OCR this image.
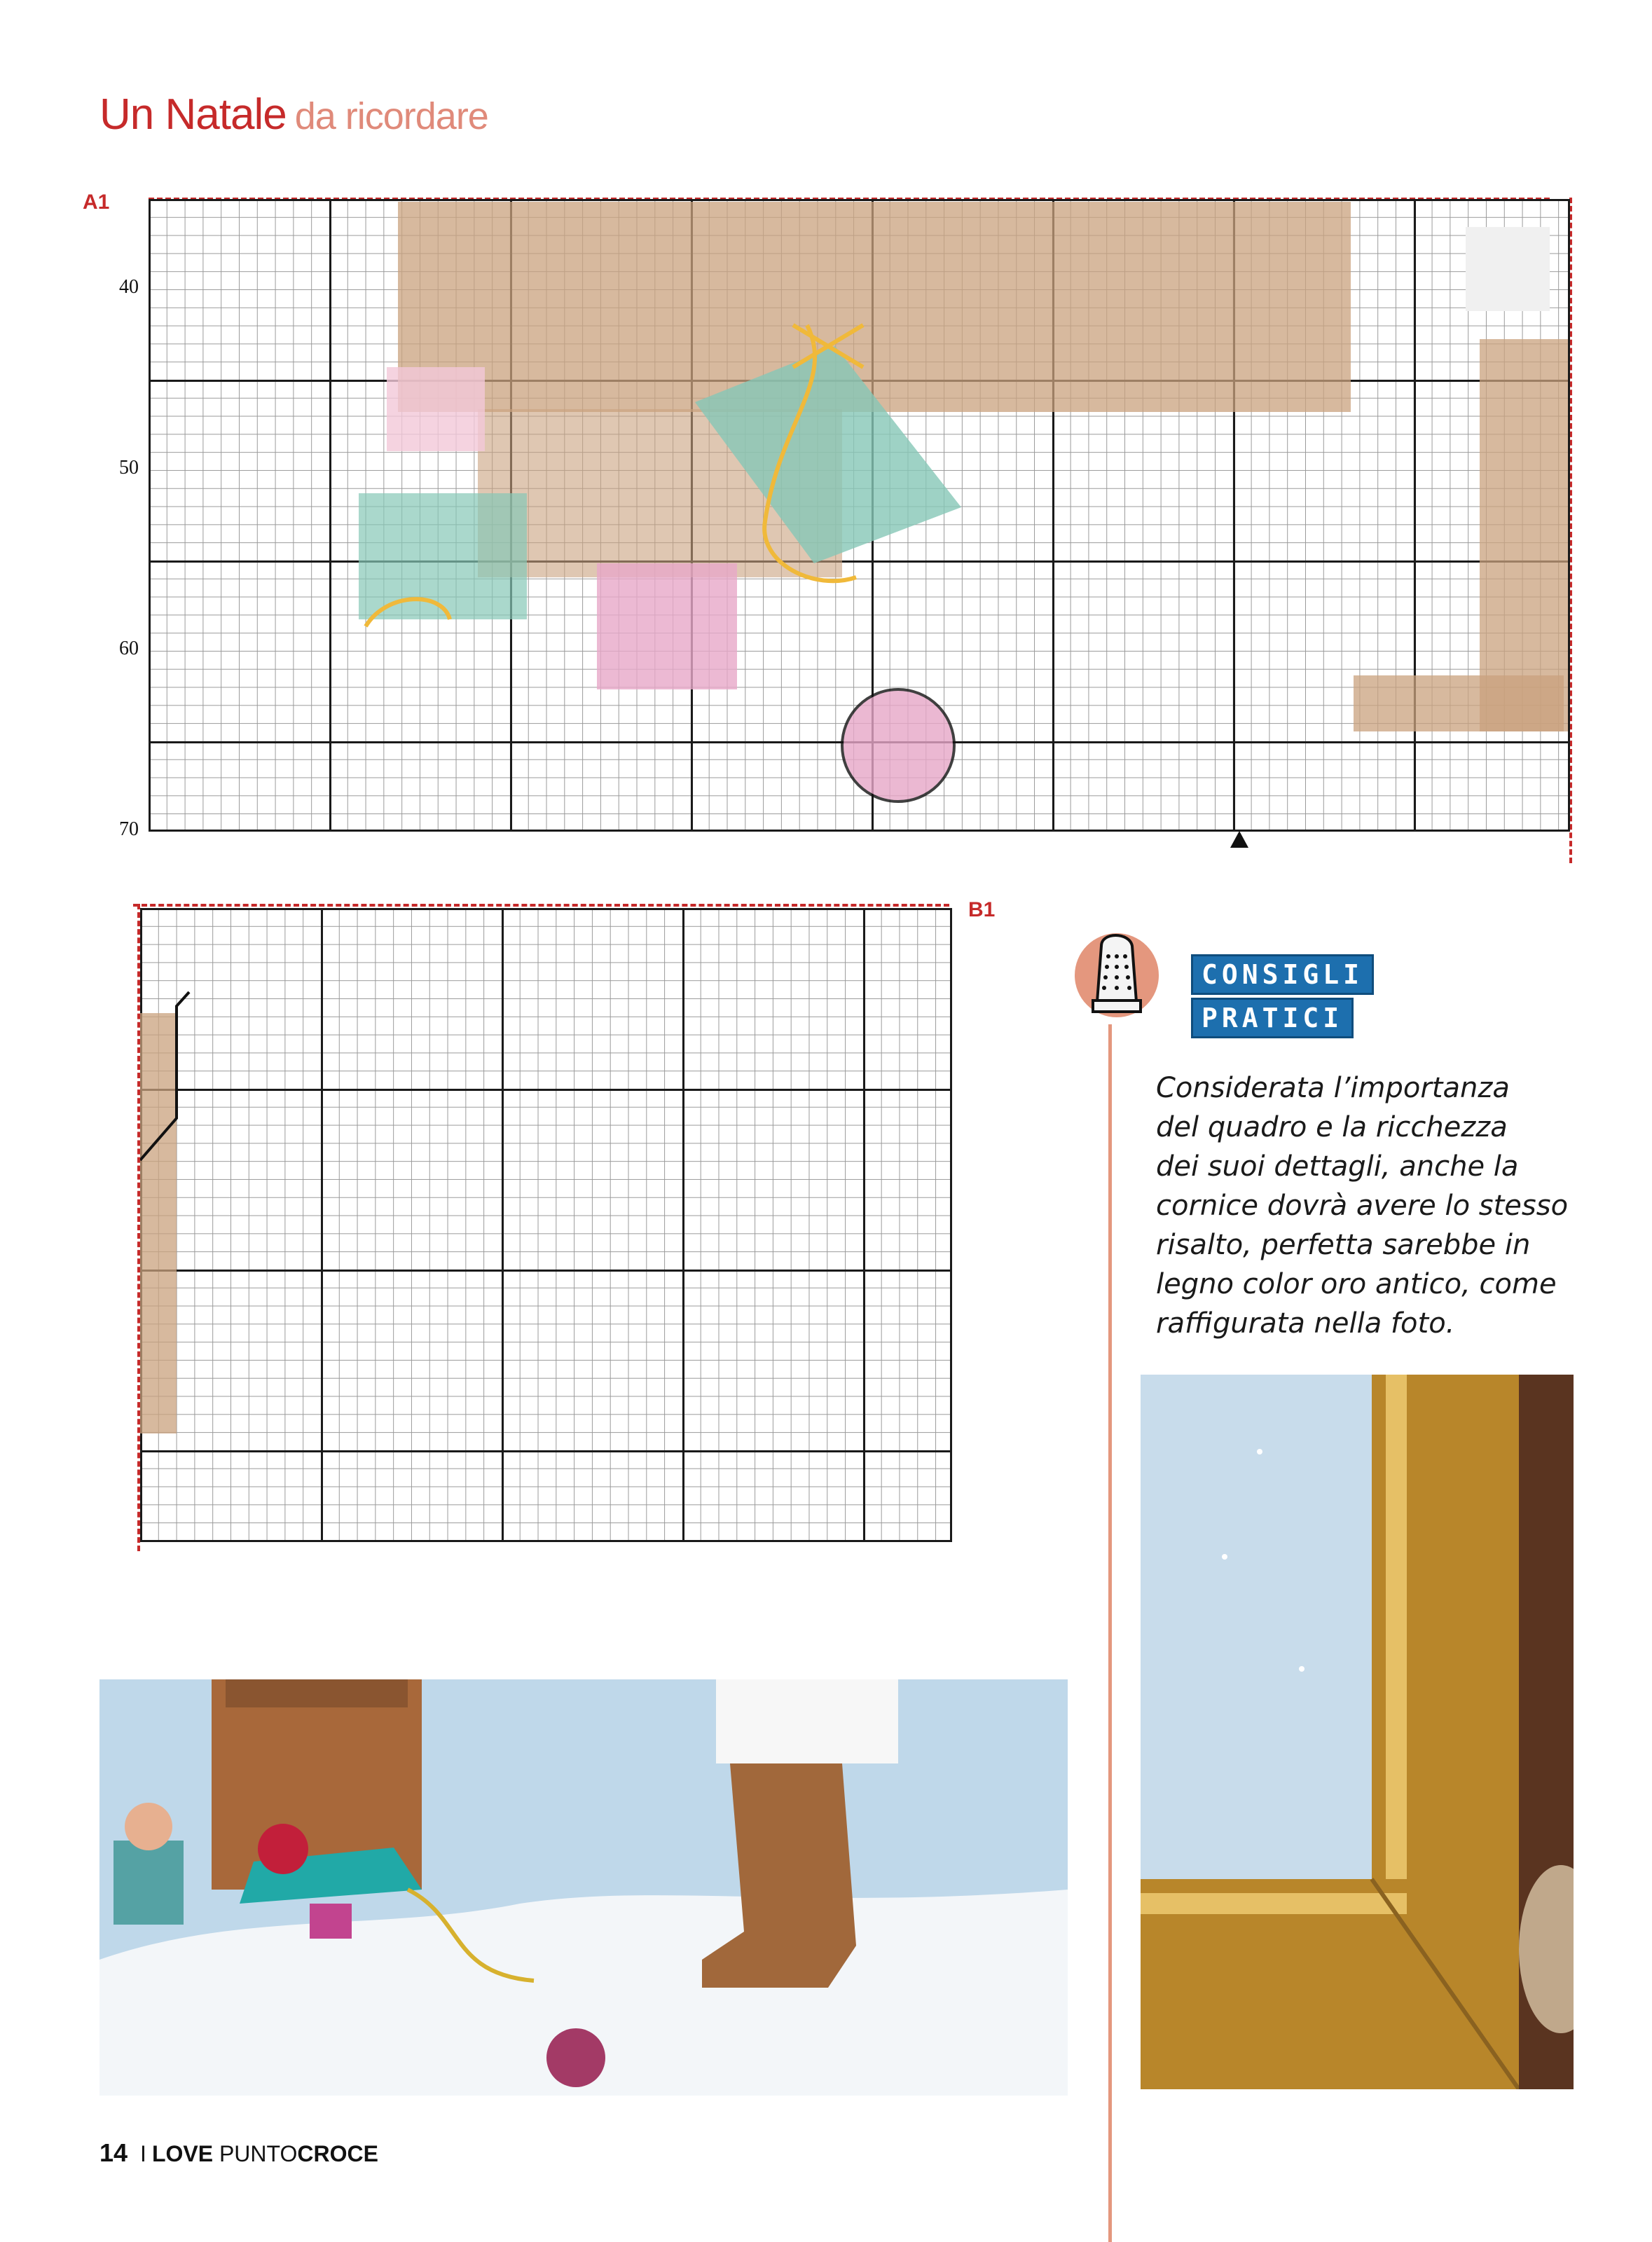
Un Natale da ricordare
A1
40
50
60
70
B1
CONSIGLI
PRATICI
Considerata l’importanza
del quadro e la ricchezza
dei suoi dettagli, anche la
cornice dovrà avere lo stesso
risalto, perfetta sarebbe in
legno color oro antico, come
raffigurata nella foto.
14 I LOVE PUNTOCROCE
